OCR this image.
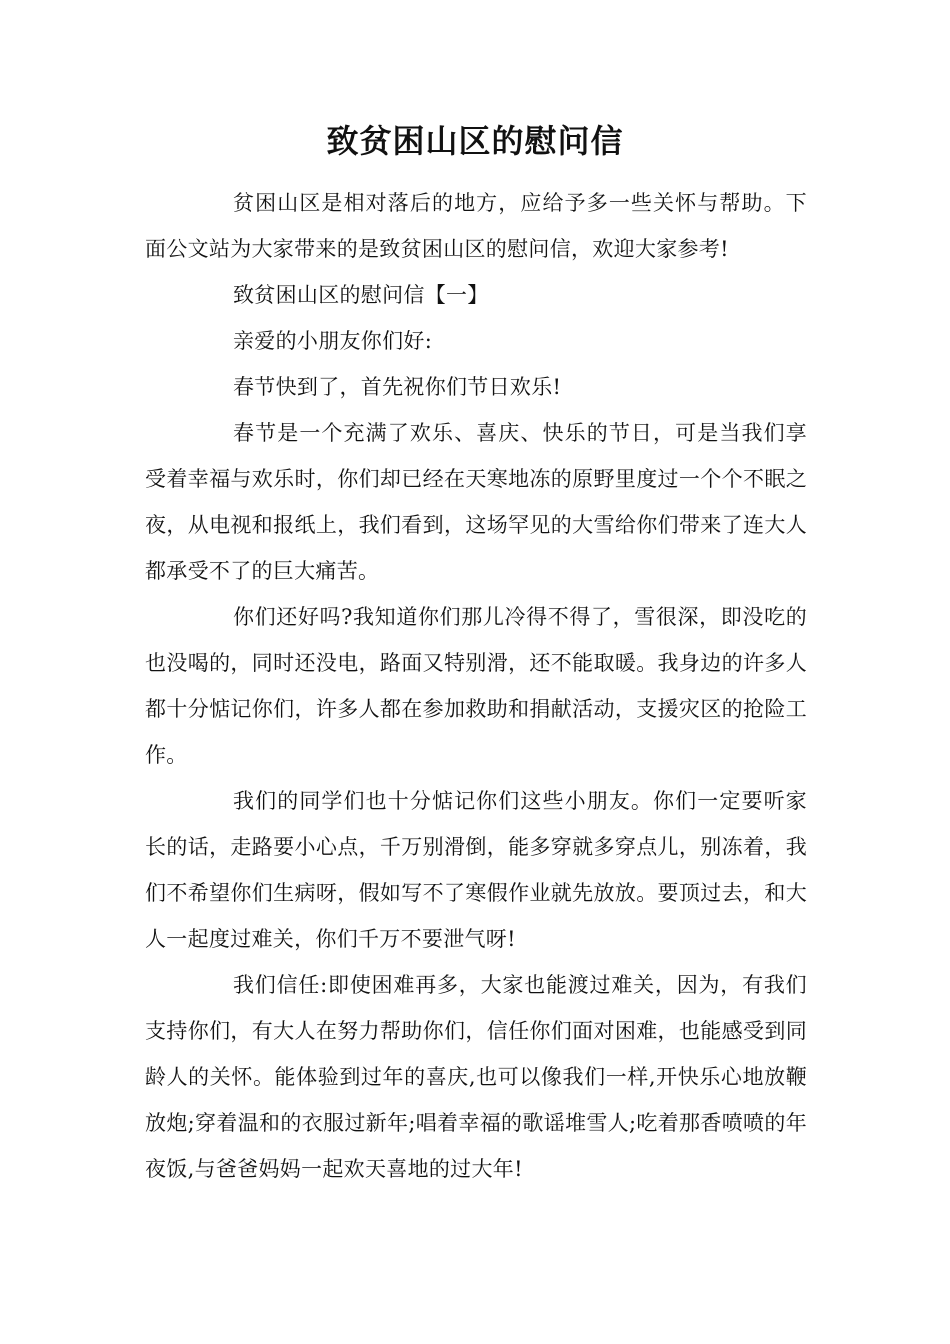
致贫困山区的慰问信

贫困山区是相对落后的地方，应给予多一些关怀与帮助。下面公文站为大家带来的是致贫困山区的慰问信，欢迎大家参考!

致贫困山区的慰问信【一】

亲爱的小朋友你们好:

春节快到了，首先祝你们节日欢乐!

春节是一个充满了欢乐、喜庆、快乐的节日，可是当我们享受着幸福与欢乐时，你们却已经在天寒地冻的原野里度过一个个不眠之夜，从电视和报纸上，我们看到，这场罕见的大雪给你们带来了连大人都承受不了的巨大痛苦。

你们还好吗?我知道你们那儿冷得不得了，雪很深，即没吃的也没喝的，同时还没电，路面又特别滑，还不能取暖。我身边的许多人都十分惦记你们，许多人都在参加救助和捐献活动，支援灾区的抢险工作。

我们的同学们也十分惦记你们这些小朋友。你们一定要听家长的话，走路要小心点，千万别滑倒，能多穿就多穿点儿，别冻着，我们不希望你们生病呀，假如写不了寒假作业就先放放。要顶过去，和大人一起度过难关，你们千万不要泄气呀!

我们信任:即使困难再多，大家也能渡过难关，因为，有我们支持你们，有大人在努力帮助你们，信任你们面对困难，也能感受到同龄人的关怀。能体验到过年的喜庆,也可以像我们一样,开快乐心地放鞭放炮;穿着温和的衣服过新年;唱着幸福的歌谣堆雪人;吃着那香喷喷的年夜饭,与爸爸妈妈一起欢天喜地的过大年!
